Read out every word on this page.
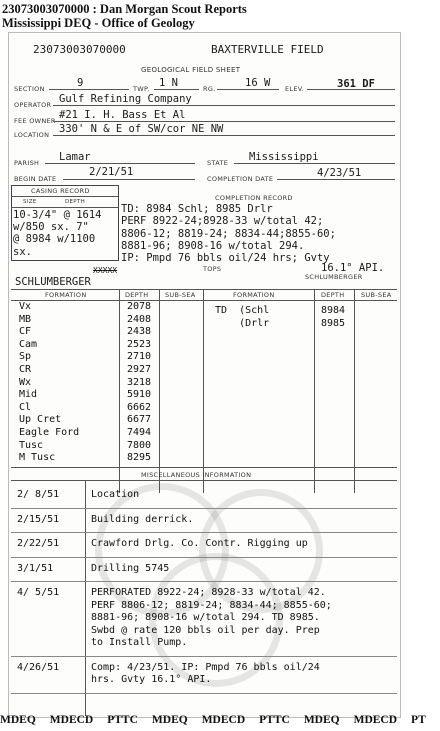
23073003070000 : Dan Morgan Scout Reports
Mississippi DEQ - Office of Geology
23073003070000	BAXTERVILLE FIELD
GEOLOGICAL FIELD SHEET
SECTION	9	TWP. 1 N	RG.	16 W ELEV.	361 DF
OPERATOR Gulf Refining Company
FEE OWNER #21 I. H. Bass Et Al
LOCATION 330' N & E of SW/cor NE NW
PARISH Lamar	STATE Mississippi
BEGIN DATE
2/21/51
COMPLETION DATE	4/23/51
CASING RECORD
SIZE	DEPTH
10-3/4" @ 1614
w/850 sx. 7"
@ 8984 w/1100
sx.
COMPLETION RECORD
TD: 8984 Schl; 8985 Drlr
PERF 8922-24;8928-33 w/total 42;
8806-12; 8819-24; 8834-44;8855-60;
8881-96; 8908-16 w/total 294.
IP: Pmpd 76 bbls oil/24 hrs; Gvty
16.1° API.
TOPS
SCHLUMBERGER
XXXXX
SCHLUMBERGER
FORMATION	DEPTH	SUB-SEA	FORMATION	DEPTH	SUB-SEA
Vx	2078
MB	2408
CF	2438
Cam	2523
Sp	2710
CR	2927
Wx	3218
Mid	5910
Cl	6662
Up Cret	6677
Eagle Ford	7494
Tusc	7800
M Tusc	8295
TD  (Schl	8984
(Drlr	8985
MISCELLANEOUS INFORMATION
2/ 8/51	Location
2/15/51	Building derrick.
2/22/51	Crawford Drlg. Co. Contr. Rigging up
3/1/51	Drilling 5745
4/ 5/51	PERFORATED 8922-24; 8928-33 w/total 42.
PERF 8806-12; 8819-24; 8834-44; 8855-60;
8881-96; 8908-16 w/total 294. TD 8985.
Swbd @ rate 120 bbls oil per day. Prep
to Install Pump.
4/26/51	Comp: 4/23/51. IP: Pmpd 76 bbls oil/24
hrs. Gvty 16.1° API.
MDEQ MDECD PTTC MDEQ MDECD PTTC MDEQ MDECD PT
